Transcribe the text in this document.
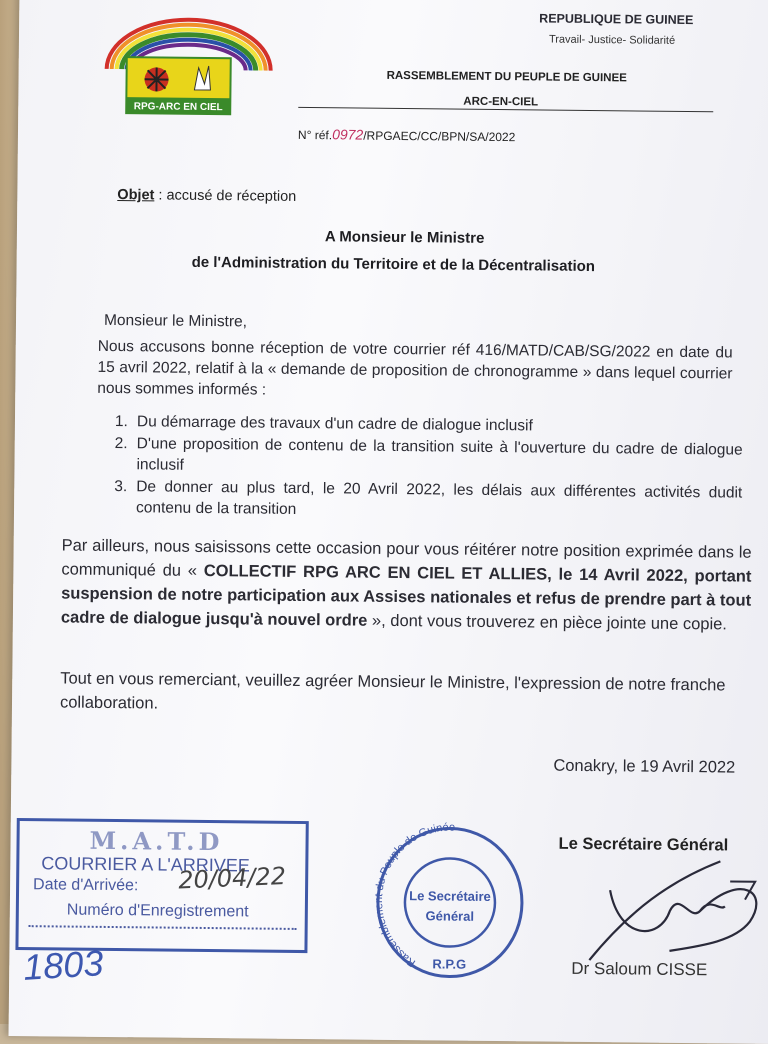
RPG-ARC EN CIEL
REPUBLIQUE DE GUINEE
Travail- Justice- Solidarité
RASSEMBLEMENT DU PEUPLE DE GUINEE
ARC-EN-CIEL
N° réf.0972/RPGAEC/CC/BPN/SA/2022
Objet : accusé de réception
A Monsieur le Ministre
de l'Administration du Territoire et de la Décentralisation
Monsieur le Ministre,
Nous accusons bonne réception de votre courrier réf 416/MATD/CAB/SG/2022 en date du 15 avril 2022, relatif à la « demande de proposition de chronogramme » dans lequel courrier nous sommes informés :
1. Du démarrage des travaux d'un cadre de dialogue inclusif
2. D'une proposition de contenu de la transition suite à l'ouverture du cadre de dialogue inclusif
3. De donner au plus tard, le 20 Avril 2022, les délais aux différentes activités dudit contenu de la transition
Par ailleurs, nous saisissons cette occasion pour vous réitérer notre position exprimée dans le communiqué du « COLLECTIF RPG ARC EN CIEL ET ALLIES, le 14 Avril 2022, portant suspension de notre participation aux Assises nationales et refus de prendre part à tout cadre de dialogue jusqu'à nouvel ordre », dont vous trouverez en pièce jointe une copie.
Tout en vous remerciant, veuillez agréer Monsieur le Ministre, l'expression de notre franche collaboration.
Conakry, le 19 Avril 2022
Le Secrétaire Général
Dr Saloum CISSE
M.A.T.D
COURRIER A L'ARRIVEE
Date d'Arrivée:
Numéro d'Enregistrement
20/04/22
1803	Rassemblement du Peuple de Guinée
Le Secrétaire
Général
R.P.G
